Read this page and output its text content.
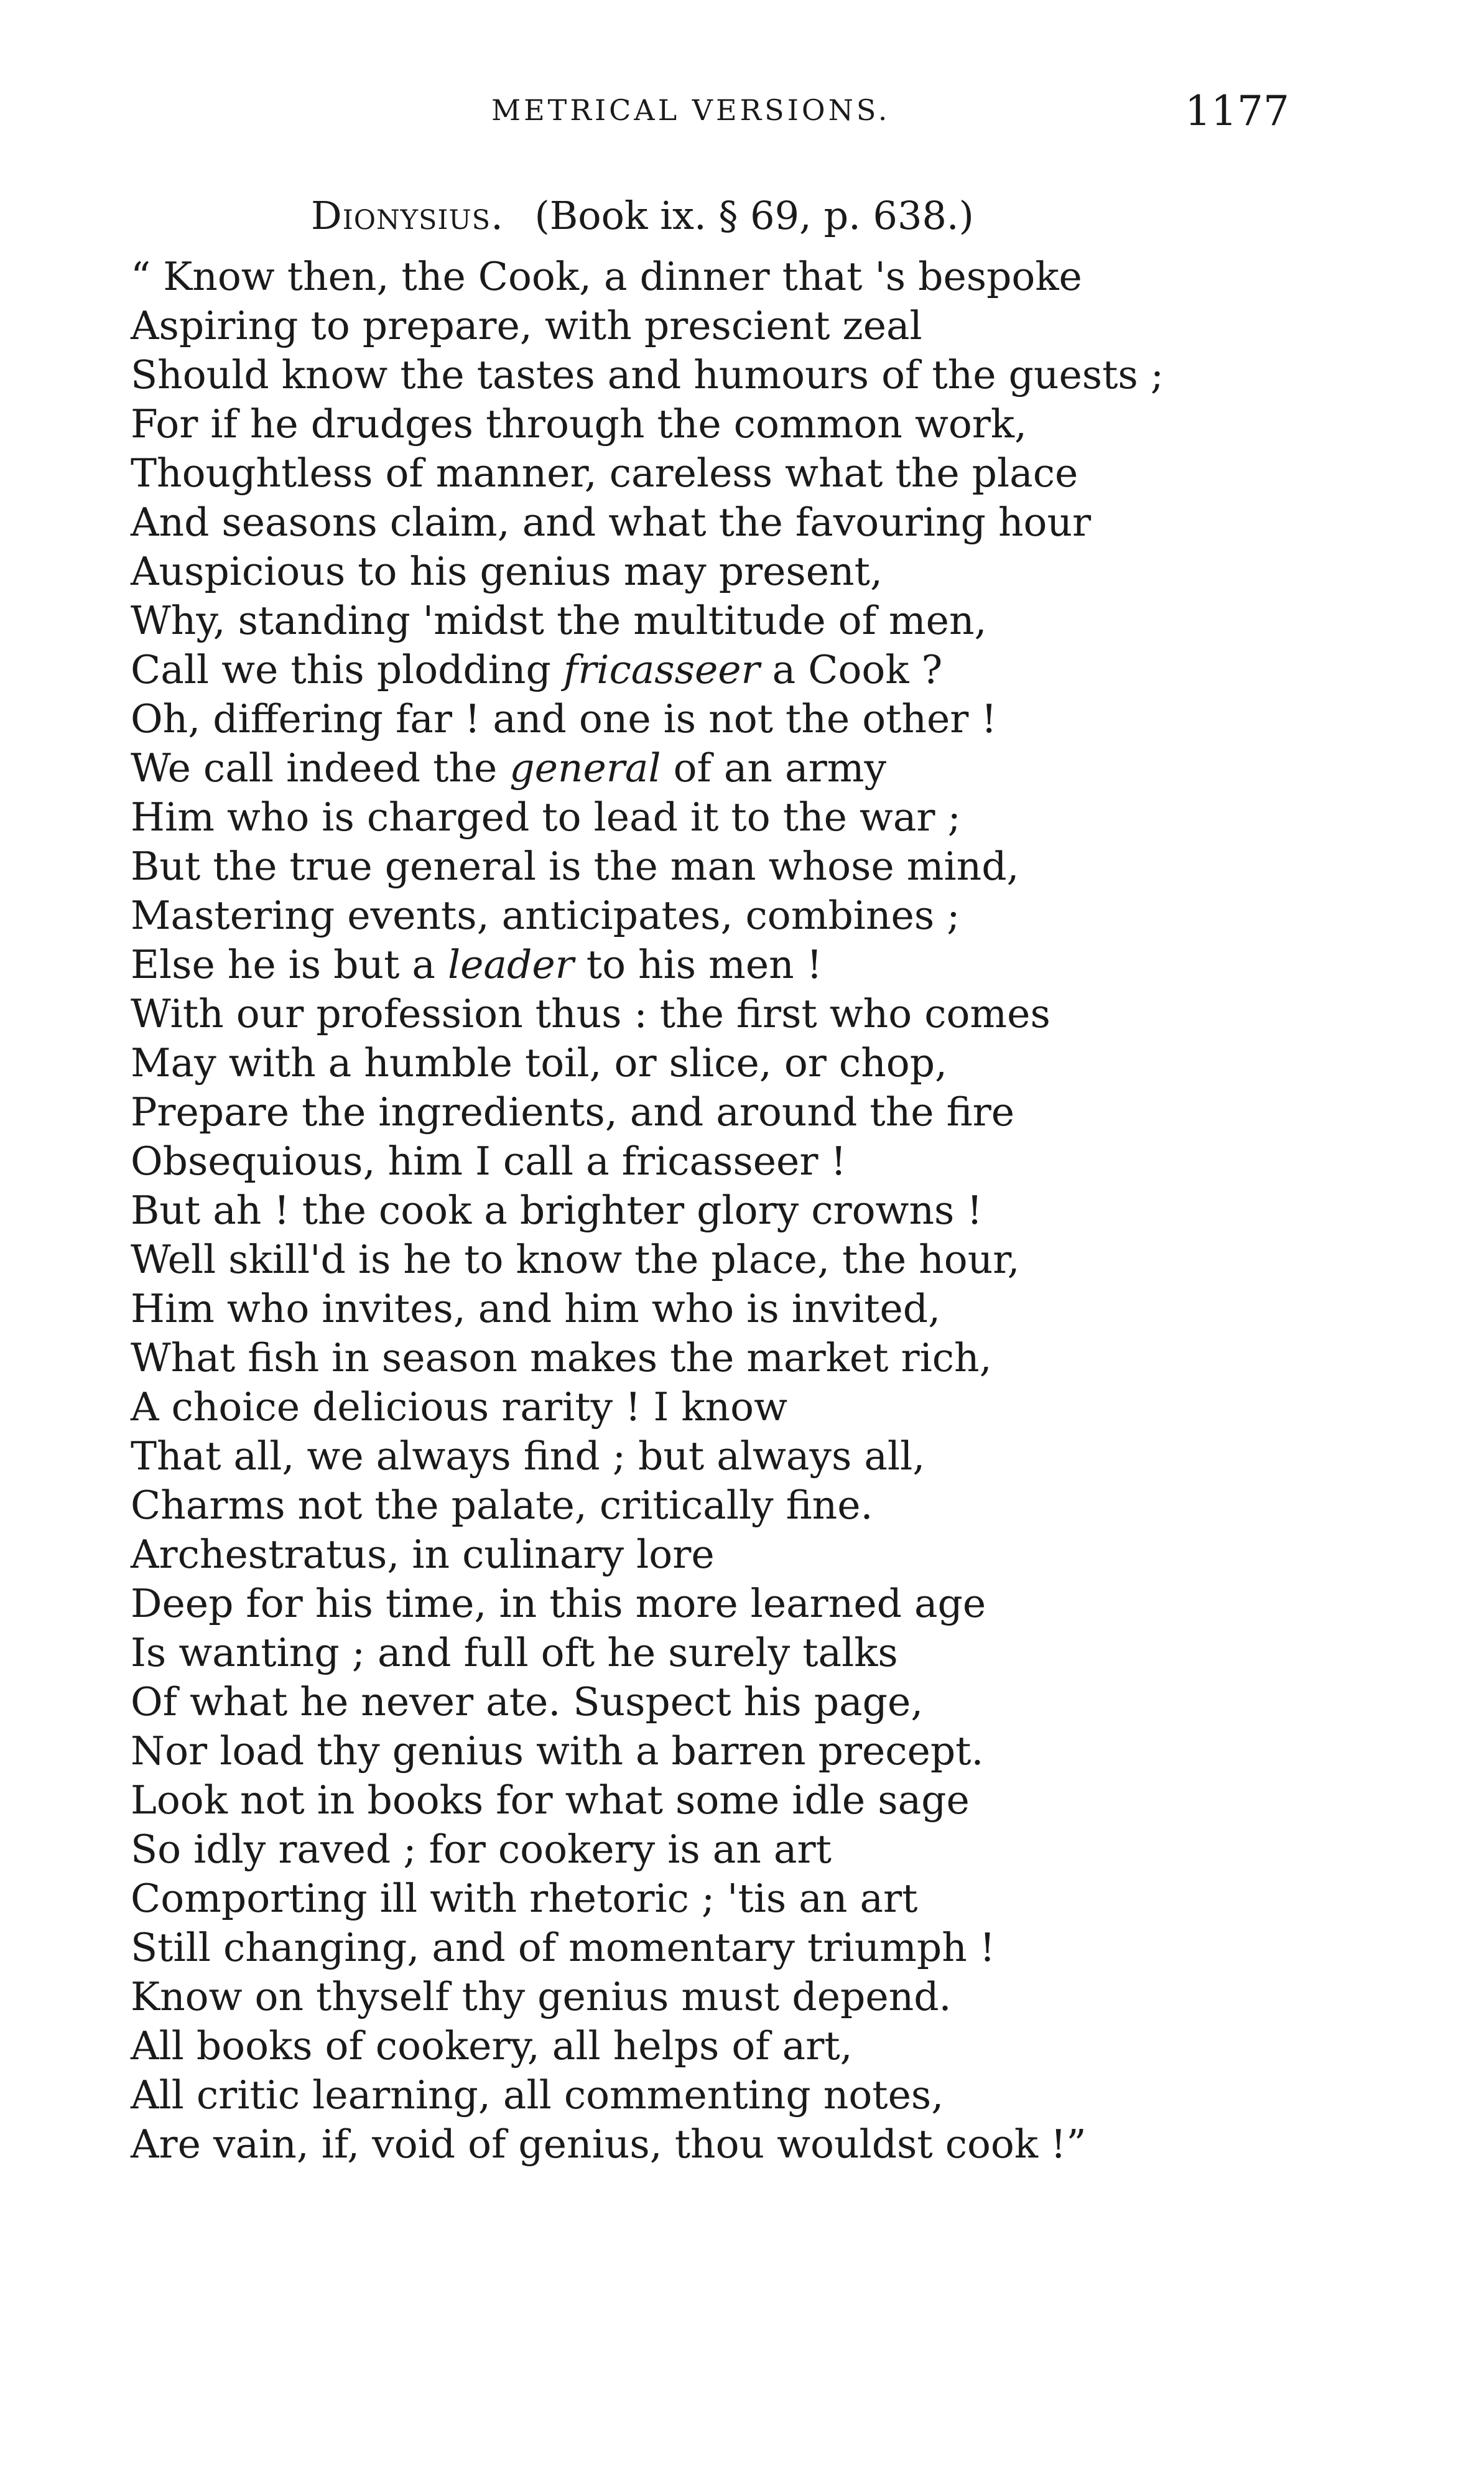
METRICAL VERSIONS.	1177
Dionysius. (Book ix. § 69, p. 638.)
“ Know then, the Cook, a dinner that 's bespoke
Aspiring to prepare, with prescient zeal
Should know the tastes and humours of the guests ;
For if he drudges through the common work,
Thoughtless of manner, careless what the place
And seasons claim, and what the favouring hour
Auspicious to his genius may present,
Why, standing 'midst the multitude of men,
Call we this plodding fricasseer a Cook ?
Oh, differing far ! and one is not the other !
We call indeed the general of an army
Him who is charged to lead it to the war ;
But the true general is the man whose mind,
Mastering events, anticipates, combines ;
Else he is but a leader to his men !
With our profession thus : the first who comes
May with a humble toil, or slice, or chop,
Prepare the ingredients, and around the fire
Obsequious, him I call a fricasseer !
But ah ! the cook a brighter glory crowns !
Well skill'd is he to know the place, the hour,
Him who invites, and him who is invited,
What fish in season makes the market rich,
A choice delicious rarity ! I know
That all, we always find ; but always all,
Charms not the palate, critically fine.
Archestratus, in culinary lore
Deep for his time, in this more learned age
Is wanting ; and full oft he surely talks
Of what he never ate. Suspect his page,
Nor load thy genius with a barren precept.
Look not in books for what some idle sage
So idly raved ; for cookery is an art
Comporting ill with rhetoric ; 'tis an art
Still changing, and of momentary triumph !
Know on thyself thy genius must depend.
All books of cookery, all helps of art,
All critic learning, all commenting notes,
Are vain, if, void of genius, thou wouldst cook !”
